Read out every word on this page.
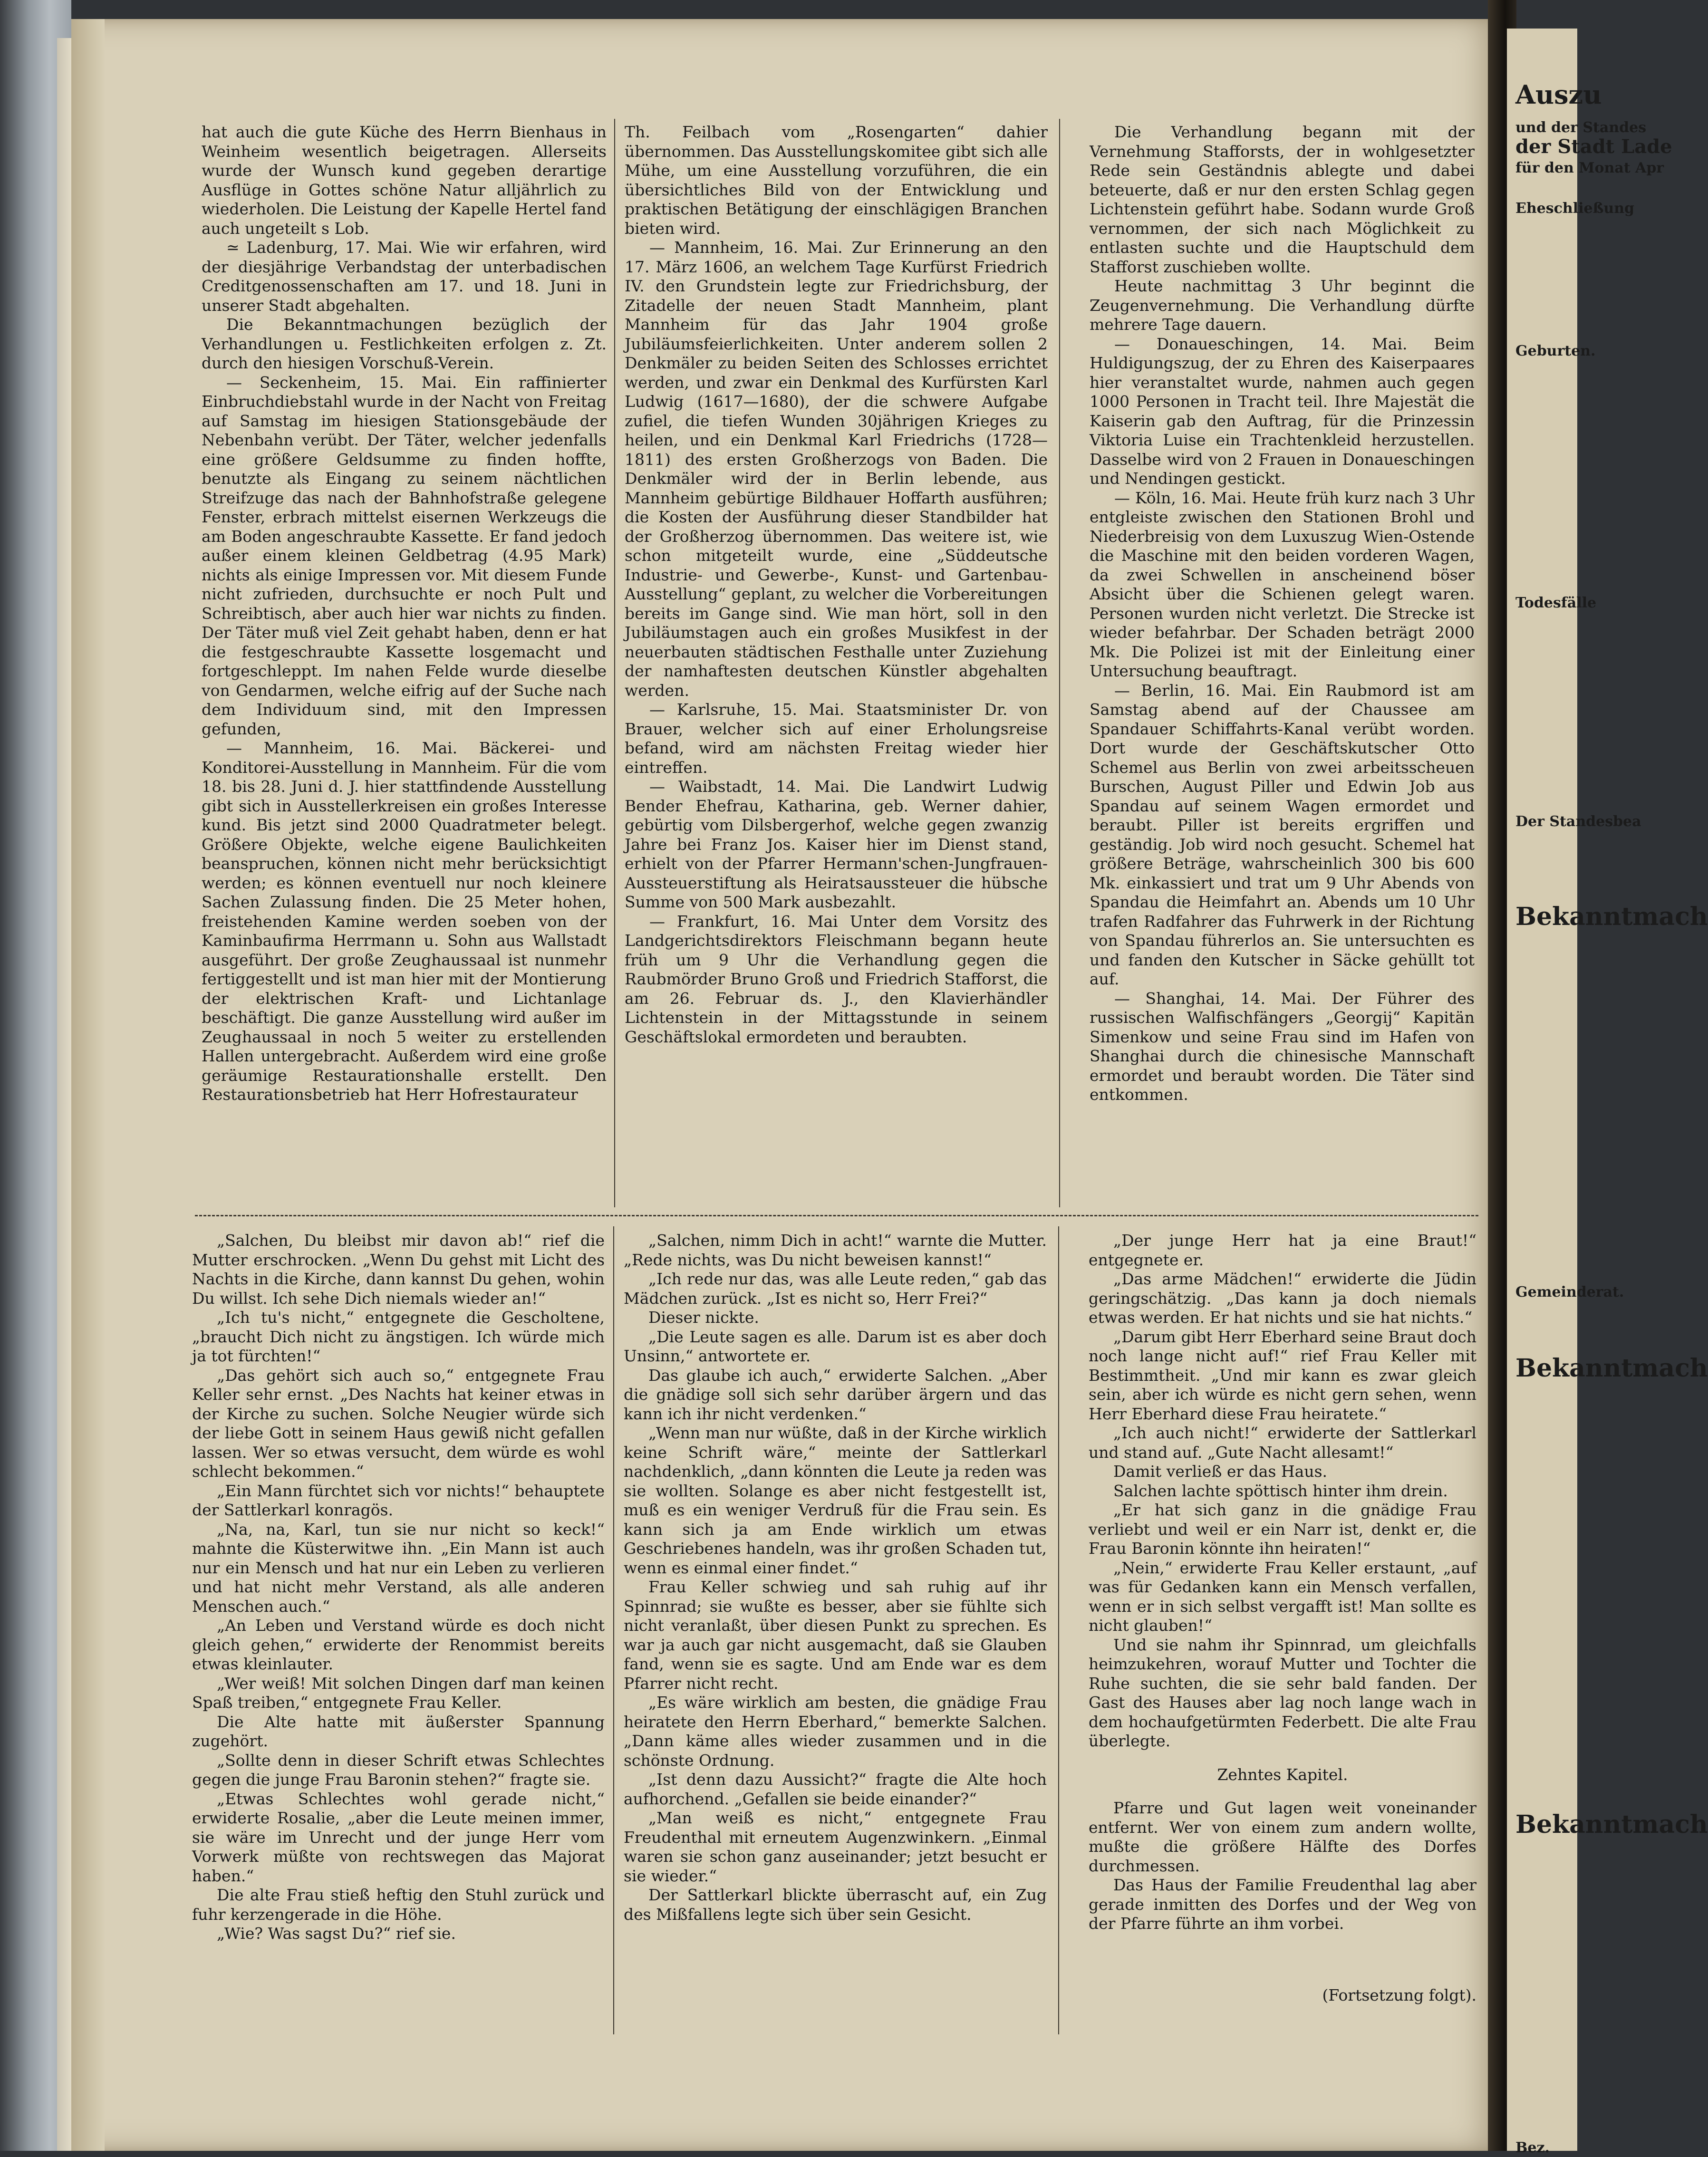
hat auch die gute Küche des Herrn Bienhaus in Weinheim wesentlich beigetragen. Allerseits wurde der Wunsch kund gegeben derartige Ausflüge in Gottes schöne Natur alljährlich zu wiederholen. Die Leistung der Kapelle Hertel fand auch ungeteilt s Lob.

≃ Ladenburg, 17. Mai. Wie wir erfahren, wird der diesjährige Verbandstag der unterbadischen Creditgenossenschaften am 17. und 18. Juni in unserer Stadt abgehalten.

Die Bekanntmachungen bezüglich der Verhandlungen u. Festlichkeiten erfolgen z. Zt. durch den hiesigen Vorschuß-Verein.

— Seckenheim, 15. Mai. Ein raffinierter Einbruchdiebstahl wurde in der Nacht von Freitag auf Samstag im hiesigen Stationsgebäude der Nebenbahn verübt. Der Täter, welcher jedenfalls eine größere Geldsumme zu finden hoffte, benutzte als Eingang zu seinem nächtlichen Streifzuge das nach der Bahnhofstraße gelegene Fenster, erbrach mittelst eisernen Werkzeugs die am Boden angeschraubte Kassette. Er fand jedoch außer einem kleinen Geldbetrag (4.95 Mark) nichts als einige Impressen vor. Mit diesem Funde nicht zufrieden, durchsuchte er noch Pult und Schreibtisch, aber auch hier war nichts zu finden. Der Täter muß viel Zeit gehabt haben, denn er hat die festgeschraubte Kassette losgemacht und fortgeschleppt. Im nahen Felde wurde dieselbe von Gendarmen, welche eifrig auf der Suche nach dem Individuum sind, mit den Impressen gefunden,

— Mannheim, 16. Mai. Bäckerei- und Konditorei-Ausstellung in Mannheim. Für die vom 18. bis 28. Juni d. J. hier stattfindende Ausstellung gibt sich in Ausstellerkreisen ein großes Interesse kund. Bis jetzt sind 2000 Quadratmeter belegt. Größere Objekte, welche eigene Baulichkeiten beanspruchen, können nicht mehr berücksichtigt werden; es können eventuell nur noch kleinere Sachen Zulassung finden. Die 25 Meter hohen, freistehenden Kamine werden soeben von der Kaminbaufirma Herrmann u. Sohn aus Wallstadt ausgeführt. Der große Zeughaussaal ist nunmehr fertiggestellt und ist man hier mit der Montierung der elektrischen Kraft- und Lichtanlage beschäftigt. Die ganze Ausstellung wird außer im Zeughaussaal in noch 5 weiter zu erstellenden Hallen untergebracht. Außerdem wird eine große geräumige Restaurationshalle erstellt. Den Restaurationsbetrieb hat Herr Hofrestaurateur

Th. Feilbach vom „Rosengarten“ dahier übernommen. Das Ausstellungskomitee gibt sich alle Mühe, um eine Ausstellung vorzuführen, die ein übersichtliches Bild von der Entwicklung und praktischen Betätigung der einschlägigen Branchen bieten wird.

— Mannheim, 16. Mai. Zur Erinnerung an den 17. März 1606, an welchem Tage Kurfürst Friedrich IV. den Grundstein legte zur Friedrichsburg, der Zitadelle der neuen Stadt Mannheim, plant Mannheim für das Jahr 1904 große Jubiläumsfeierlichkeiten. Unter anderem sollen 2 Denkmäler zu beiden Seiten des Schlosses errichtet werden, und zwar ein Denkmal des Kurfürsten Karl Ludwig (1617—1680), der die schwere Aufgabe zufiel, die tiefen Wunden 30jährigen Krieges zu heilen, und ein Denkmal Karl Friedrichs (1728—1811) des ersten Großherzogs von Baden. Die Denkmäler wird der in Berlin lebende, aus Mannheim gebürtige Bildhauer Hoffarth ausführen; die Kosten der Ausführung dieser Standbilder hat der Großherzog übernommen. Das weitere ist, wie schon mitgeteilt wurde, eine „Süddeutsche Industrie- und Gewerbe-, Kunst- und Gartenbau-Ausstellung“ geplant, zu welcher die Vorbereitungen bereits im Gange sind. Wie man hört, soll in den Jubiläumstagen auch ein großes Musikfest in der neuerbauten städtischen Festhalle unter Zuziehung der namhaftesten deutschen Künstler abgehalten werden.

— Karlsruhe, 15. Mai. Staatsminister Dr. von Brauer, welcher sich auf einer Erholungsreise befand, wird am nächsten Freitag wieder hier eintreffen.

— Waibstadt, 14. Mai. Die Landwirt Ludwig Bender Ehefrau, Katharina, geb. Werner dahier, gebürtig vom Dilsbergerhof, welche gegen zwanzig Jahre bei Franz Jos. Kaiser hier im Dienst stand, erhielt von der Pfarrer Hermann'schen-Jungfrauen-Aussteuerstiftung als Heiratsaussteuer die hübsche Summe von 500 Mark ausbezahlt.

— Frankfurt, 16. Mai Unter dem Vorsitz des Landgerichtsdirektors Fleischmann begann heute früh um 9 Uhr die Verhandlung gegen die Raubmörder Bruno Groß und Friedrich Stafforst, die am 26. Februar ds. J., den Klavierhändler Lichtenstein in der Mittagsstunde in seinem Geschäftslokal ermordeten und beraubten.

Die Verhandlung begann mit der Vernehmung Stafforsts, der in wohlgesetzter Rede sein Geständnis ablegte und dabei beteuerte, daß er nur den ersten Schlag gegen Lichtenstein geführt habe. Sodann wurde Groß vernommen, der sich nach Möglichkeit zu entlasten suchte und die Hauptschuld dem Stafforst zuschieben wollte.

Heute nachmittag 3 Uhr beginnt die Zeugenvernehmung. Die Verhandlung dürfte mehrere Tage dauern.

— Donaueschingen, 14. Mai. Beim Huldigungszug, der zu Ehren des Kaiserpaares hier veranstaltet wurde, nahmen auch gegen 1000 Personen in Tracht teil. Ihre Majestät die Kaiserin gab den Auftrag, für die Prinzessin Viktoria Luise ein Trachtenkleid herzustellen. Dasselbe wird von 2 Frauen in Donaueschingen und Nendingen gestickt.

— Köln, 16. Mai. Heute früh kurz nach 3 Uhr entgleiste zwischen den Stationen Brohl und Niederbreisig von dem Luxuszug Wien-Ostende die Maschine mit den beiden vorderen Wagen, da zwei Schwellen in anscheinend böser Absicht über die Schienen gelegt waren. Personen wurden nicht verletzt. Die Strecke ist wieder befahrbar. Der Schaden beträgt 2000 Mk. Die Polizei ist mit der Einleitung einer Untersuchung beauftragt.

— Berlin, 16. Mai. Ein Raubmord ist am Samstag abend auf der Chaussee am Spandauer Schiffahrts-Kanal verübt worden. Dort wurde der Geschäftskutscher Otto Schemel aus Berlin von zwei arbeitsscheuen Burschen, August Piller und Edwin Job aus Spandau auf seinem Wagen ermordet und beraubt. Piller ist bereits ergriffen und geständig. Job wird noch gesucht. Schemel hat größere Beträge, wahrscheinlich 300 bis 600 Mk. einkassiert und trat um 9 Uhr Abends von Spandau die Heimfahrt an. Abends um 10 Uhr trafen Radfahrer das Fuhrwerk in der Richtung von Spandau führerlos an. Sie untersuchten es und fanden den Kutscher in Säcke gehüllt tot auf.

— Shanghai, 14. Mai. Der Führer des russischen Walfischfängers „Georgij“ Kapitän Simenkow und seine Frau sind im Hafen von Shanghai durch die chinesische Mannschaft ermordet und beraubt worden. Die Täter sind entkommen.

„Salchen, Du bleibst mir davon ab!“ rief die Mutter erschrocken. „Wenn Du gehst mit Licht des Nachts in die Kirche, dann kannst Du gehen, wohin Du willst. Ich sehe Dich niemals wieder an!“

„Ich tu's nicht,“ entgegnete die Gescholtene, „braucht Dich nicht zu ängstigen. Ich würde mich ja tot fürchten!“

„Das gehört sich auch so,“ entgegnete Frau Keller sehr ernst. „Des Nachts hat keiner etwas in der Kirche zu suchen. Solche Neugier würde sich der liebe Gott in seinem Haus gewiß nicht gefallen lassen. Wer so etwas versucht, dem würde es wohl schlecht bekommen.“

„Ein Mann fürchtet sich vor nichts!“ behauptete der Sattlerkarl konragös.

„Na, na, Karl, tun sie nur nicht so keck!“ mahnte die Küsterwitwe ihn. „Ein Mann ist auch nur ein Mensch und hat nur ein Leben zu verlieren und hat nicht mehr Verstand, als alle anderen Menschen auch.“

„An Leben und Verstand würde es doch nicht gleich gehen,“ erwiderte der Renommist bereits etwas kleinlauter.

„Wer weiß! Mit solchen Dingen darf man keinen Spaß treiben,“ entgegnete Frau Keller.

Die Alte hatte mit äußerster Spannung zugehört.

„Sollte denn in dieser Schrift etwas Schlechtes gegen die junge Frau Baronin stehen?“ fragte sie.

„Etwas Schlechtes wohl gerade nicht,“ erwiderte Rosalie, „aber die Leute meinen immer, sie wäre im Unrecht und der junge Herr vom Vorwerk müßte von rechtswegen das Majorat haben.“

Die alte Frau stieß heftig den Stuhl zurück und fuhr kerzengerade in die Höhe.

„Wie? Was sagst Du?“ rief sie.

„Salchen, nimm Dich in acht!“ warnte die Mutter. „Rede nichts, was Du nicht beweisen kannst!“

„Ich rede nur das, was alle Leute reden,“ gab das Mädchen zurück. „Ist es nicht so, Herr Frei?“

Dieser nickte.

„Die Leute sagen es alle. Darum ist es aber doch Unsinn,“ antwortete er.

Das glaube ich auch,“ erwiderte Salchen. „Aber die gnädige soll sich sehr darüber ärgern und das kann ich ihr nicht verdenken.“

„Wenn man nur wüßte, daß in der Kirche wirklich keine Schrift wäre,“ meinte der Sattlerkarl nachdenklich, „dann könnten die Leute ja reden was sie wollten. Solange es aber nicht festgestellt ist, muß es ein weniger Verdruß für die Frau sein. Es kann sich ja am Ende wirklich um etwas Geschriebenes handeln, was ihr großen Schaden tut, wenn es einmal einer findet.“

Frau Keller schwieg und sah ruhig auf ihr Spinnrad; sie wußte es besser, aber sie fühlte sich nicht veranlaßt, über diesen Punkt zu sprechen. Es war ja auch gar nicht ausgemacht, daß sie Glauben fand, wenn sie es sagte. Und am Ende war es dem Pfarrer nicht recht.

„Es wäre wirklich am besten, die gnädige Frau heiratete den Herrn Eberhard,“ bemerkte Salchen. „Dann käme alles wieder zusammen und in die schönste Ordnung.

„Ist denn dazu Aussicht?“ fragte die Alte hoch aufhorchend. „Gefallen sie beide einander?“

„Man weiß es nicht,“ entgegnete Frau Freudenthal mit erneutem Augenzwinkern. „Einmal waren sie schon ganz auseinander; jetzt besucht er sie wieder.“

Der Sattlerkarl blickte überrascht auf, ein Zug des Mißfallens legte sich über sein Gesicht.

„Der junge Herr hat ja eine Braut!“ entgegnete er.

„Das arme Mädchen!“ erwiderte die Jüdin geringschätzig. „Das kann ja doch niemals etwas werden. Er hat nichts und sie hat nichts.“

„Darum gibt Herr Eberhard seine Braut doch noch lange nicht auf!“ rief Frau Keller mit Bestimmtheit. „Und mir kann es zwar gleich sein, aber ich würde es nicht gern sehen, wenn Herr Eberhard diese Frau heiratete.“

„Ich auch nicht!“ erwiderte der Sattlerkarl und stand auf. „Gute Nacht allesamt!“

Damit verließ er das Haus.

Salchen lachte spöttisch hinter ihm drein.

„Er hat sich ganz in die gnädige Frau verliebt und weil er ein Narr ist, denkt er, die Frau Baronin könnte ihn heiraten!“

„Nein,“ erwiderte Frau Keller erstaunt, „auf was für Gedanken kann ein Mensch verfallen, wenn er in sich selbst vergafft ist! Man sollte es nicht glauben!“

Und sie nahm ihr Spinnrad, um gleichfalls heimzukehren, worauf Mutter und Tochter die Ruhe suchten, die sie sehr bald fanden. Der Gast des Hauses aber lag noch lange wach in dem hochaufgetürmten Federbett. Die alte Frau überlegte.

Zehntes Kapitel.

Pfarre und Gut lagen weit voneinander entfernt. Wer von einem zum andern wollte, mußte die größere Hälfte des Dorfes durchmessen.

Das Haus der Familie Freudenthal lag aber gerade inmitten des Dorfes und der Weg von der Pfarre führte an ihm vorbei.

(Fortsetzung folgt).

Auszu
und der Standes
der Stadt Lade
für den Monat Apr
Eheschließung
Geburten.
Todesfälle
Bekanntmach
Bekanntmach
Bekanntmach
Der Standesbea
Gemeinderat.
Bez.
